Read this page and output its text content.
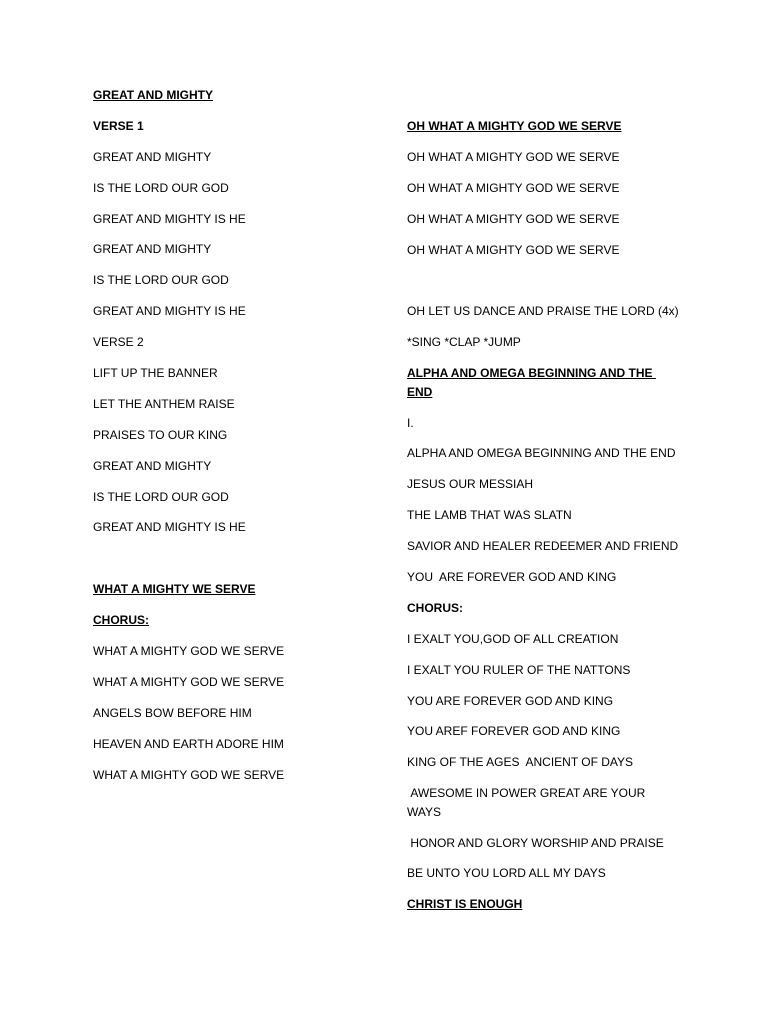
GREAT AND MIGHTY
VERSE 1
GREAT AND MIGHTY
IS THE LORD OUR GOD
GREAT AND MIGHTY IS HE
GREAT AND MIGHTY
IS THE LORD OUR GOD
GREAT AND MIGHTY IS HE
VERSE 2
LIFT UP THE BANNER
LET THE ANTHEM RAISE
PRAISES TO OUR KING
GREAT AND MIGHTY
IS THE LORD OUR GOD
GREAT AND MIGHTY IS HE
WHAT A MIGHTY WE SERVE
CHORUS:
WHAT A MIGHTY GOD WE SERVE
WHAT A MIGHTY GOD WE SERVE
ANGELS BOW BEFORE HIM
HEAVEN AND EARTH ADORE HIM
WHAT A MIGHTY GOD WE SERVE
OH WHAT A MIGHTY GOD WE SERVE
OH WHAT A MIGHTY GOD WE SERVE
OH WHAT A MIGHTY GOD WE SERVE
OH WHAT A MIGHTY GOD WE SERVE
OH WHAT A MIGHTY GOD WE SERVE
OH LET US DANCE AND PRAISE THE LORD (4x)
*SING *CLAP *JUMP
ALPHA AND OMEGA BEGINNING AND THE END
I.
ALPHA AND OMEGA BEGINNING AND THE END
JESUS OUR MESSIAH
THE LAMB THAT WAS SLATN
SAVIOR AND HEALER REDEEMER AND FRIEND
YOU  ARE FOREVER GOD AND KING
CHORUS:
I EXALT YOU,GOD OF ALL CREATION
I EXALT YOU RULER OF THE NATTONS
YOU ARE FOREVER GOD AND KING
YOU AREF FOREVER GOD AND KING
KING OF THE AGES  ANCIENT OF DAYS
AWESOME IN POWER GREAT ARE YOUR WAYS
HONOR AND GLORY WORSHIP AND PRAISE
BE UNTO YOU LORD ALL MY DAYS
CHRIST IS ENOUGH
